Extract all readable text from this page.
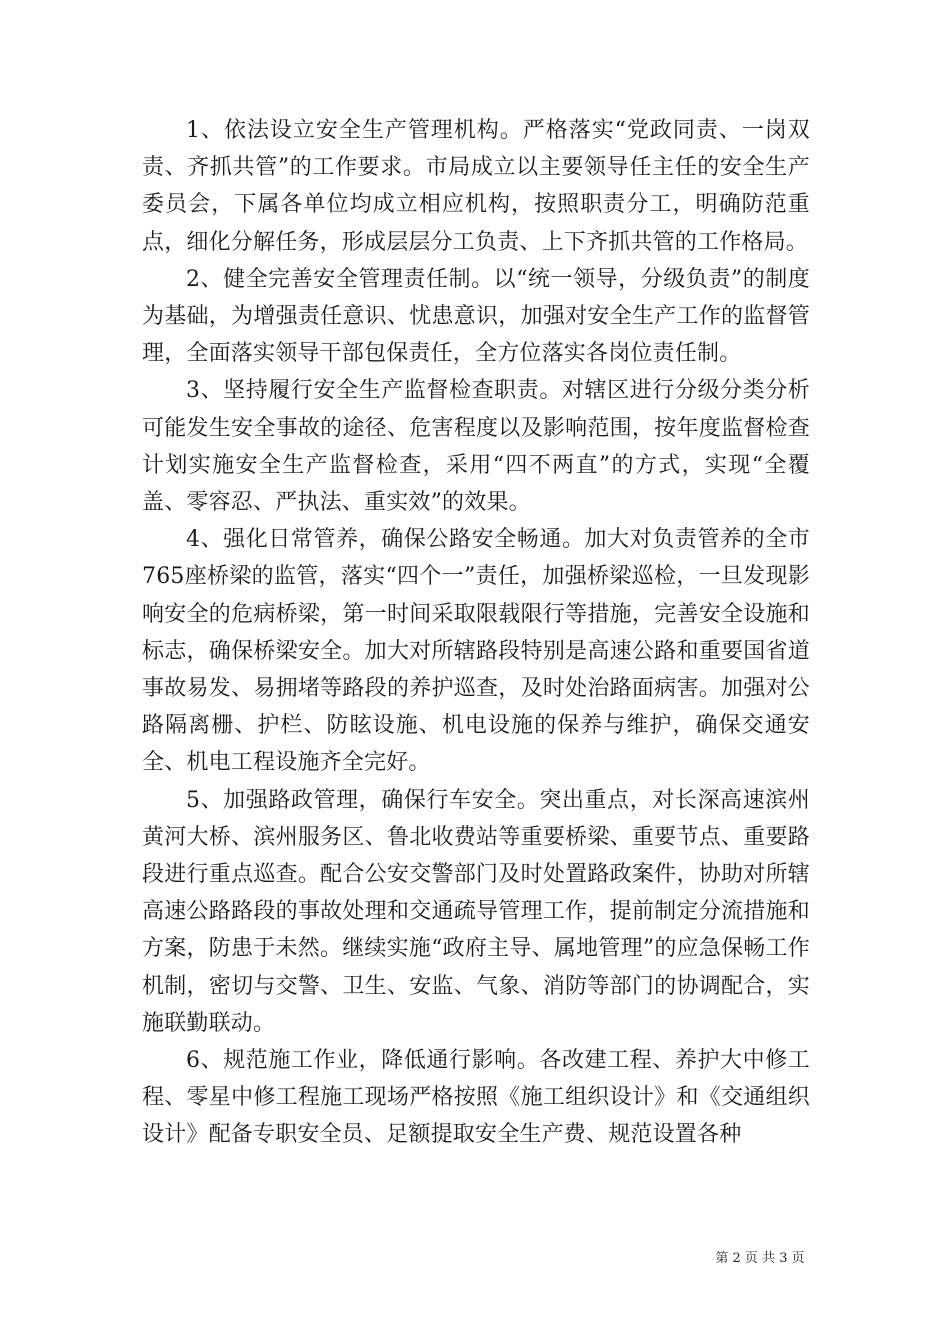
1、依法设立安全生产管理机构。严格落实“党政同责、一岗双责、齐抓共管”的工作要求。市局成立以主要领导任主任的安全生产委员会，下属各单位均成立相应机构，按照职责分工，明确防范重点，细化分解任务，形成层层分工负责、上下齐抓共管的工作格局。

2、健全完善安全管理责任制。以“统一领导，分级负责”的制度为基础，为增强责任意识、忧患意识，加强对安全生产工作的监督管理，全面落实领导干部包保责任，全方位落实各岗位责任制。

3、坚持履行安全生产监督检查职责。对辖区进行分级分类分析可能发生安全事故的途径、危害程度以及影响范围，按年度监督检查计划实施安全生产监督检查，采用“四不两直”的方式，实现“全覆盖、零容忍、严执法、重实效”的效果。

4、强化日常管养，确保公路安全畅通。加大对负责管养的全市765座桥梁的监管，落实“四个一”责任，加强桥梁巡检，一旦发现影响安全的危病桥梁，第一时间采取限载限行等措施，完善安全设施和标志，确保桥梁安全。加大对所辖路段特别是高速公路和重要国省道事故易发、易拥堵等路段的养护巡查，及时处治路面病害。加强对公路隔离栅、护栏、防眩设施、机电设施的保养与维护，确保交通安全、机电工程设施齐全完好。

5、加强路政管理，确保行车安全。突出重点，对长深高速滨州黄河大桥、滨州服务区、鲁北收费站等重要桥梁、重要节点、重要路段进行重点巡查。配合公安交警部门及时处置路政案件，协助对所辖高速公路路段的事故处理和交通疏导管理工作，提前制定分流措施和方案，防患于未然。继续实施“政府主导、属地管理”的应急保畅工作机制，密切与交警、卫生、安监、气象、消防等部门的协调配合，实施联勤联动。

6、规范施工作业，降低通行影响。各改建工程、养护大中修工程、零星中修工程施工现场严格按照《施工组织设计》和《交通组织设计》配备专职安全员、足额提取安全生产费、规范设置各种

第 2 页 共 3 页
